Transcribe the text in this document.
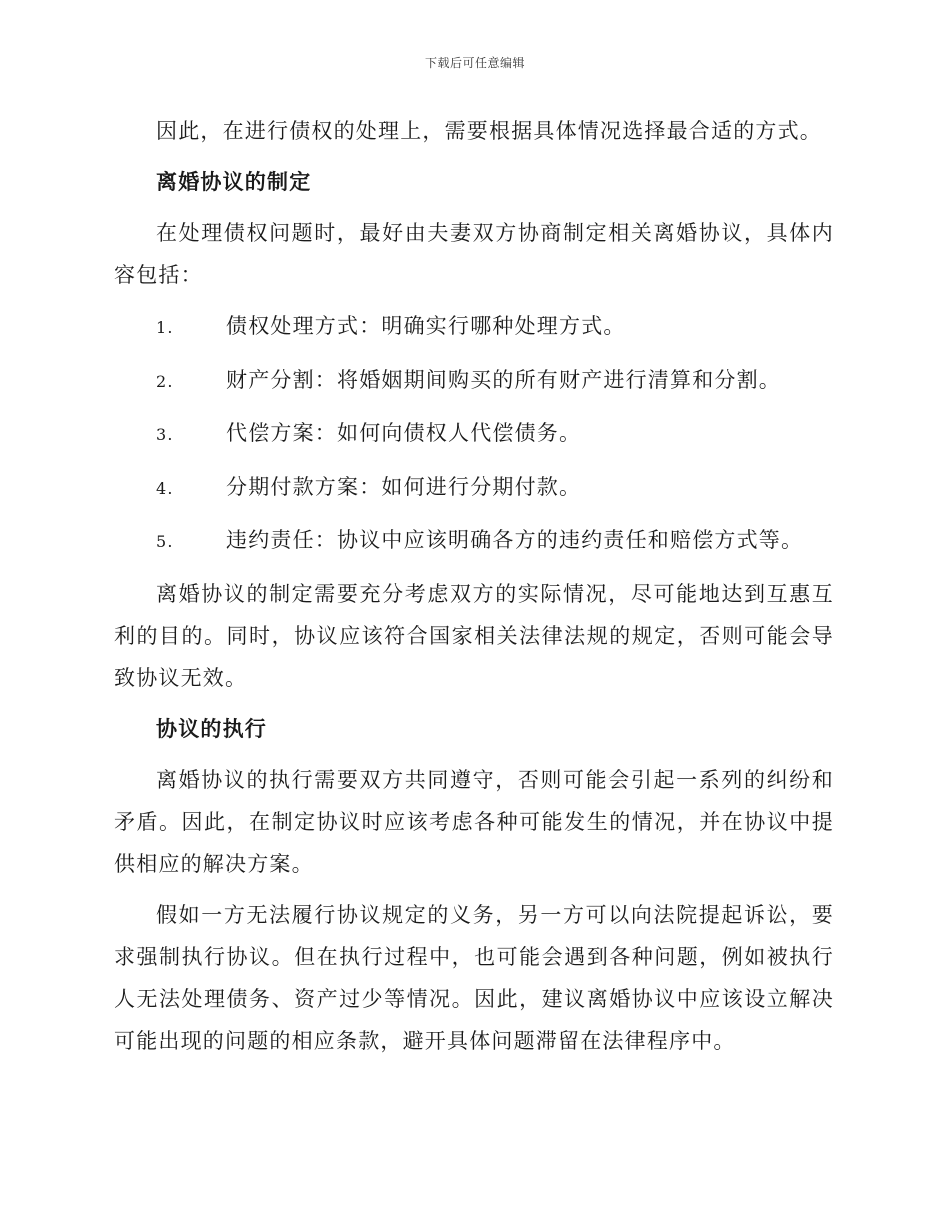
下载后可任意编辑

因此，在进行债权的处理上，需要根据具体情况选择最合适的方式。

离婚协议的制定

在处理债权问题时，最好由夫妻双方协商制定相关离婚协议，具体内容包括：

1.	债权处理方式：明确实行哪种处理方式。
2.	财产分割：将婚姻期间购买的所有财产进行清算和分割。
3.	代偿方案：如何向债权人代偿债务。
4.	分期付款方案：如何进行分期付款。
5.	违约责任：协议中应该明确各方的违约责任和赔偿方式等。

离婚协议的制定需要充分考虑双方的实际情况，尽可能地达到互惠互利的目的。同时，协议应该符合国家相关法律法规的规定，否则可能会导致协议无效。

协议的执行

离婚协议的执行需要双方共同遵守，否则可能会引起一系列的纠纷和矛盾。因此，在制定协议时应该考虑各种可能发生的情况，并在协议中提供相应的解决方案。

假如一方无法履行协议规定的义务，另一方可以向法院提起诉讼，要求强制执行协议。但在执行过程中，也可能会遇到各种问题，例如被执行人无法处理债务、资产过少等情况。因此，建议离婚协议中应该设立解决可能出现的问题的相应条款，避开具体问题滞留在法律程序中。
